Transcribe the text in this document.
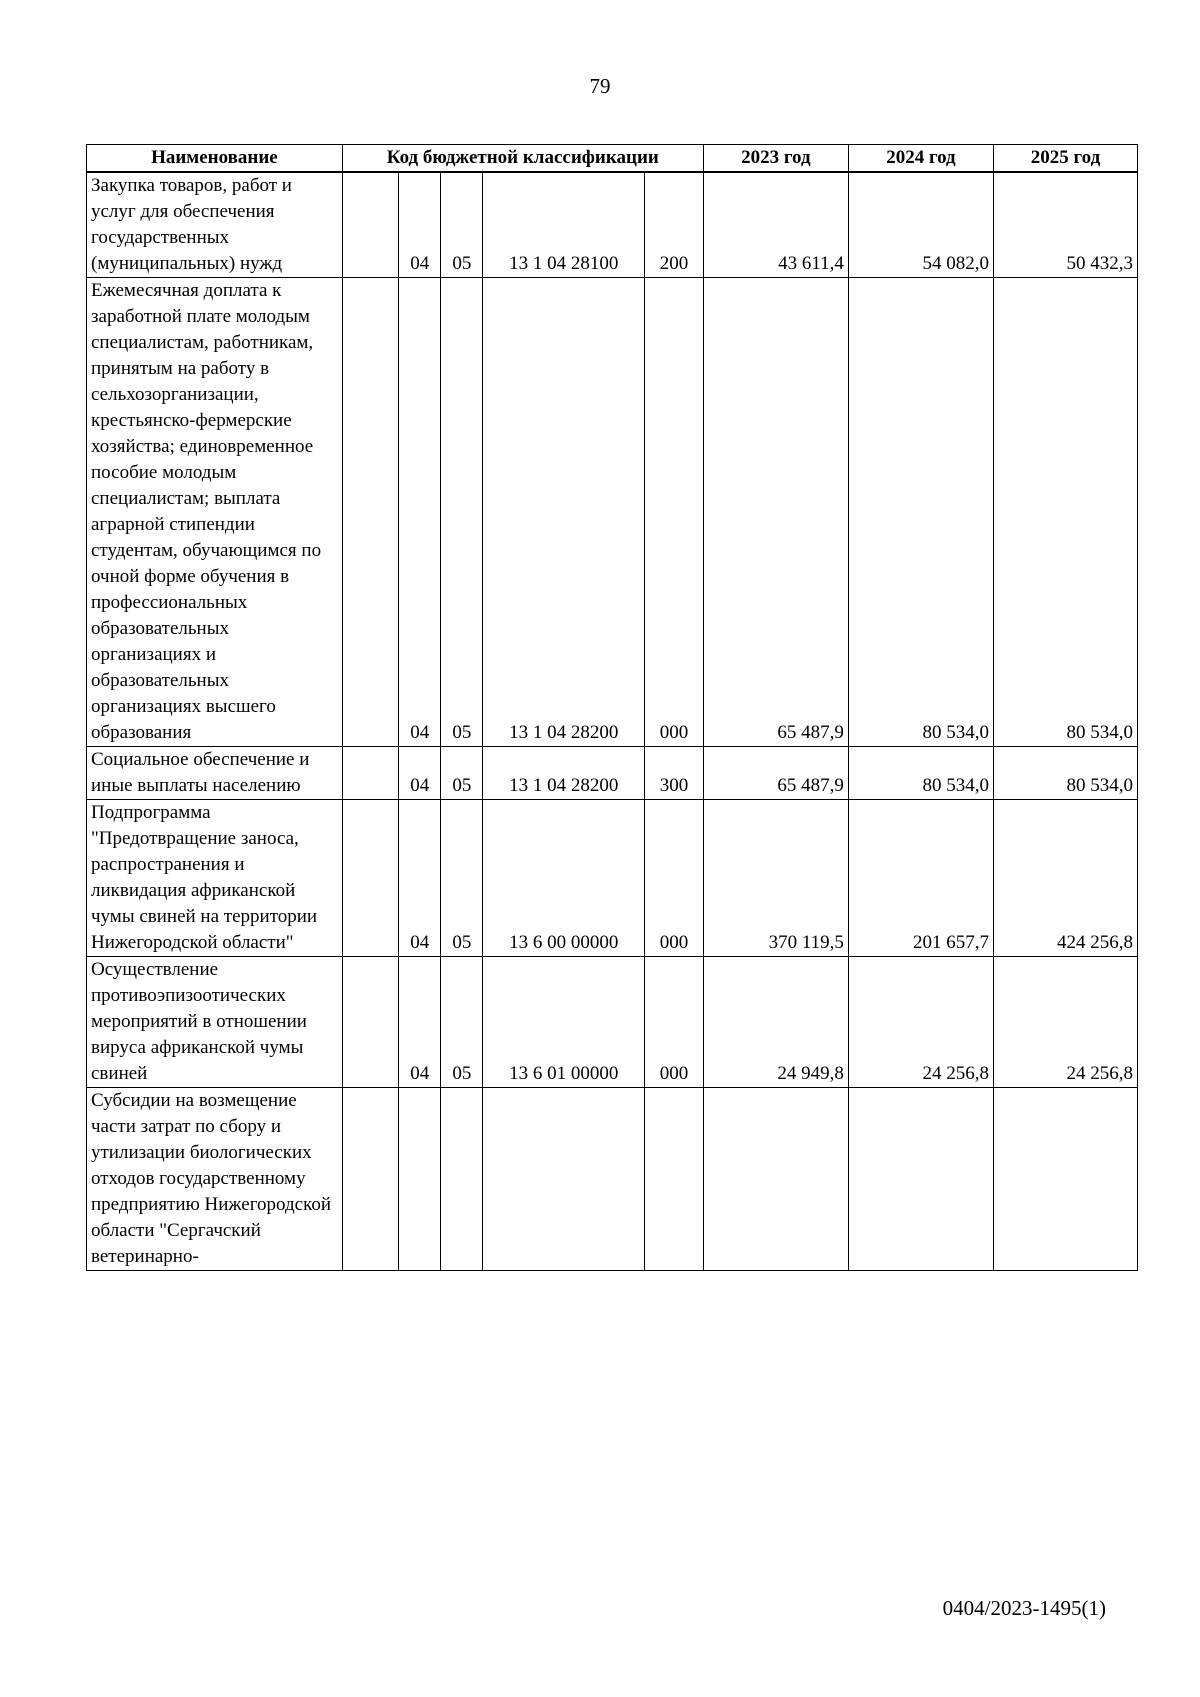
79
Наименование	Код бюджетной классификации					2023 год	2024 год	2025 год

Закупка товаров, работ и услуг для обеспечения государственных (муниципальных) нужд		04	05	13 1 04 28100	200	43 611,4	54 082,0	50 432,3

Ежемесячная доплата к заработной плате молодым специалистам, работникам, принятым на работу в сельхозорганизации, крестьянско-фермерские хозяйства; единовременное пособие молодым специалистам; выплата аграрной стипендии студентам, обучающимся по очной форме обучения в профессиональных образовательных организациях и образовательных организациях высшего образования		04	05	13 1 04 28200	000	65 487,9	80 534,0	80 534,0

Социальное обеспечение и иные выплаты населению		04	05	13 1 04 28200	300	65 487,9	80 534,0	80 534,0

Подпрограмма "Предотвращение заноса, распространения и ликвидация африканской чумы свиней на территории Нижегородской области"		04	05	13 6 00 00000	000	370 119,5	201 657,7	424 256,8

Осуществление противоэпизоотических мероприятий в отношении вируса африканской чумы свиней		04	05	13 6 01 00000	000	24 949,8	24 256,8	24 256,8

Субсидии на возмещение части затрат по сбору и утилизации биологических отходов государственному предприятию Нижегородской области "Сергачский ветеринарно-								

0404/2023-1495(1)
